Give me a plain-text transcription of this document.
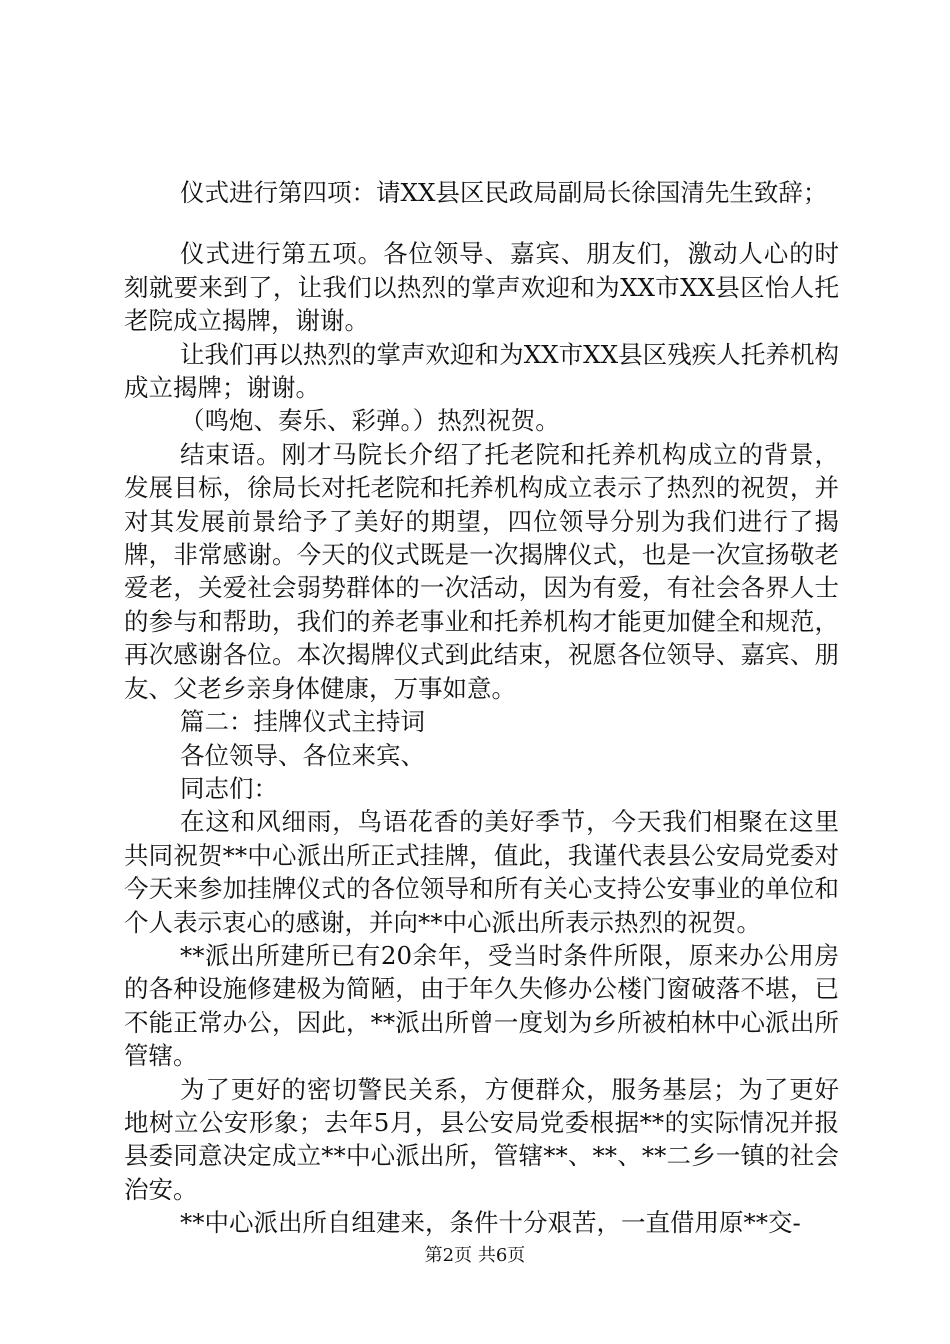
仪式进行第四项：请XX县区民政局副局长徐国清先生致辞；

仪式进行第五项。各位领导、嘉宾、朋友们，激动人心的时刻就要来到了，让我们以热烈的掌声欢迎和为XX市XX县区怡人托老院成立揭牌，谢谢。

让我们再以热烈的掌声欢迎和为XX市XX县区残疾人托养机构成立揭牌；谢谢。

（鸣炮、奏乐、彩弹。）热烈祝贺。

结束语。刚才马院长介绍了托老院和托养机构成立的背景，发展目标，徐局长对托老院和托养机构成立表示了热烈的祝贺，并对其发展前景给予了美好的期望，四位领导分别为我们进行了揭牌，非常感谢。今天的仪式既是一次揭牌仪式，也是一次宣扬敬老爱老，关爱社会弱势群体的一次活动，因为有爱，有社会各界人士的参与和帮助，我们的养老事业和托养机构才能更加健全和规范，再次感谢各位。本次揭牌仪式到此结束，祝愿各位领导、嘉宾、朋友、父老乡亲身体健康，万事如意。

篇二：挂牌仪式主持词

各位领导、各位来宾、

同志们：

在这和风细雨，鸟语花香的美好季节，今天我们相聚在这里共同祝贺**中心派出所正式挂牌，值此，我谨代表县公安局党委对今天来参加挂牌仪式的各位领导和所有关心支持公安事业的单位和个人表示衷心的感谢，并向**中心派出所表示热烈的祝贺。

**派出所建所已有20余年，受当时条件所限，原来办公用房的各种设施修建极为简陋，由于年久失修办公楼门窗破落不堪，已不能正常办公，因此，**派出所曾一度划为乡所被柏林中心派出所管辖。

为了更好的密切警民关系，方便群众，服务基层；为了更好地树立公安形象；去年5月，县公安局党委根据**的实际情况并报县委同意决定成立**中心派出所，管辖**、**、**二乡一镇的社会治安。

**中心派出所自组建来，条件十分艰苦，一直借用原**交-

第2页 共6页
